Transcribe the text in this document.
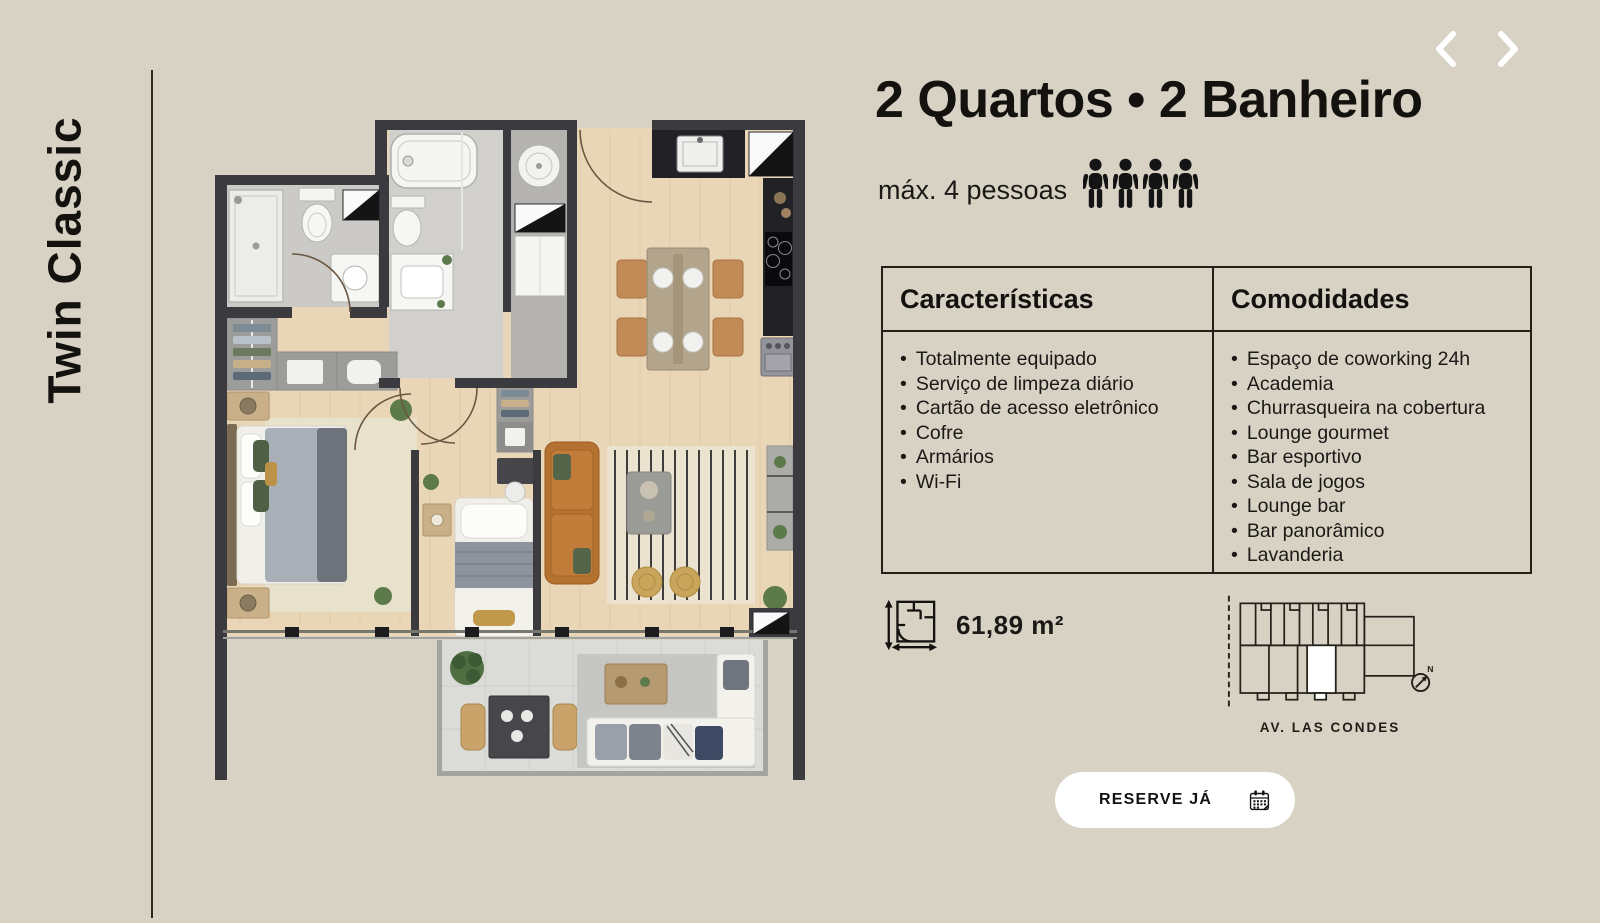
Twin Classic
2 Quartos • 2 Banheiro
máx. 4 pessoas
Características
• Totalmente equipado
• Serviço de limpeza diário
• Cartão de acesso eletrônico
• Cofre
• Armários
• Wi-Fi
Comodidades
• Espaço de coworking 24h
• Academia
• Churrasqueira na cobertura
• Lounge gourmet
• Bar esportivo
• Sala de jogos
• Lounge bar
• Bar panorâmico
• Lavanderia
61,89 m²
N
AV. LAS CONDES
RESERVE JÁ
